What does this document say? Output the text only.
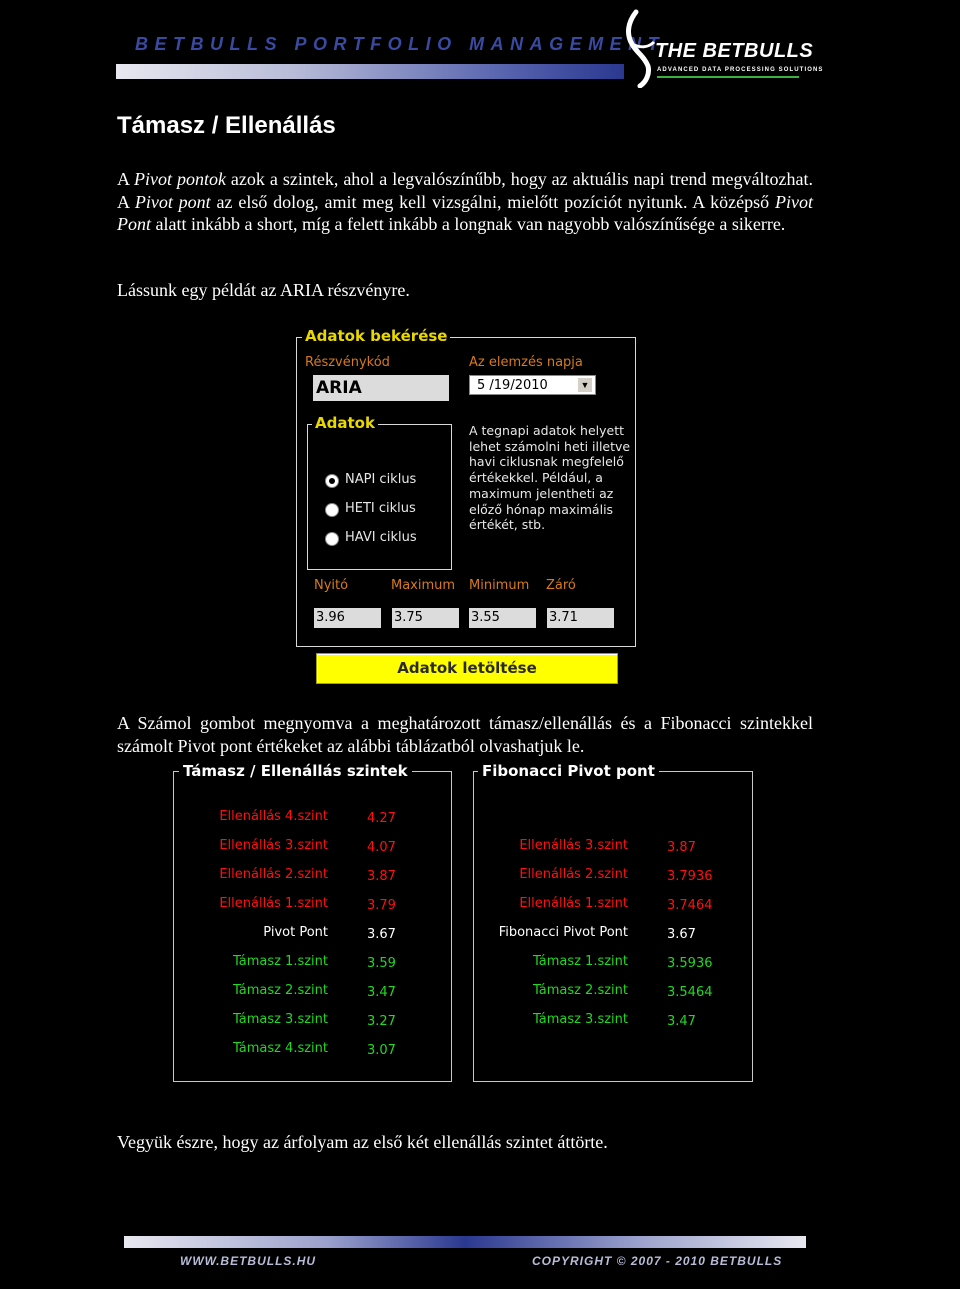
BETBULLS PORTFOLIO MANAGEMENT
THE BETBULLS
ADVANCED DATA PROCESSING SOLUTIONS
Támasz / Ellenállás
A Pivot pontok azok a szintek, ahol a legvalószínűbb, hogy az aktuális napi trend megváltozhat. A Pivot pont az első dolog, amit meg kell vizsgálni, mielőtt pozíciót nyitunk. A középső Pivot Pont alatt inkább a short, míg a felett inkább a longnak van nagyobb valószínűsége a sikerre.
Lássunk egy példát az ARIA részvényre.
Adatok bekérése
Részvénykód
ARIA
Az elemzés napja
5 /19/2010	▼
Adatok
NAPI ciklus
HETI ciklus
HAVI ciklus
A tegnapi adatok helyett
lehet számolni heti illetve
havi ciklusnak megfelelő
értékekkel. Például, a
maximum jelentheti az
előző hónap maximális
értékét, stb.
Nyitó	Maximum Minimum Záró
3.96	3.75	3.55	3.71
Adatok letöltése
A Számol gombot megnyomva a meghatározott támasz/ellenállás és a Fibonacci szintekkel számolt Pivot pont értékeket az alábbi táblázatból olvashatjuk le.
Támasz / Ellenállás szintek
Ellenállás 4.szint	4.27
Ellenállás 3.szint	4.07
Ellenállás 2.szint	3.87
Ellenállás 1.szint	3.79
Pivot Pont	3.67
Támasz 1.szint	3.59
Támasz 2.szint	3.47
Támasz 3.szint	3.27
Támasz 4.szint	3.07
Fibonacci Pivot pont
Ellenállás 3.szint	3.87
Ellenállás 2.szint	3.7936
Ellenállás 1.szint	3.7464
Fibonacci Pivot Pont	3.67
Támasz 1.szint	3.5936
Támasz 2.szint	3.5464
Támasz 3.szint	3.47
Vegyük észre, hogy az árfolyam az első két ellenállás szintet áttörte.
WWW.BETBULLS.HU	COPYRIGHT © 2007 - 2010 BETBULLS
